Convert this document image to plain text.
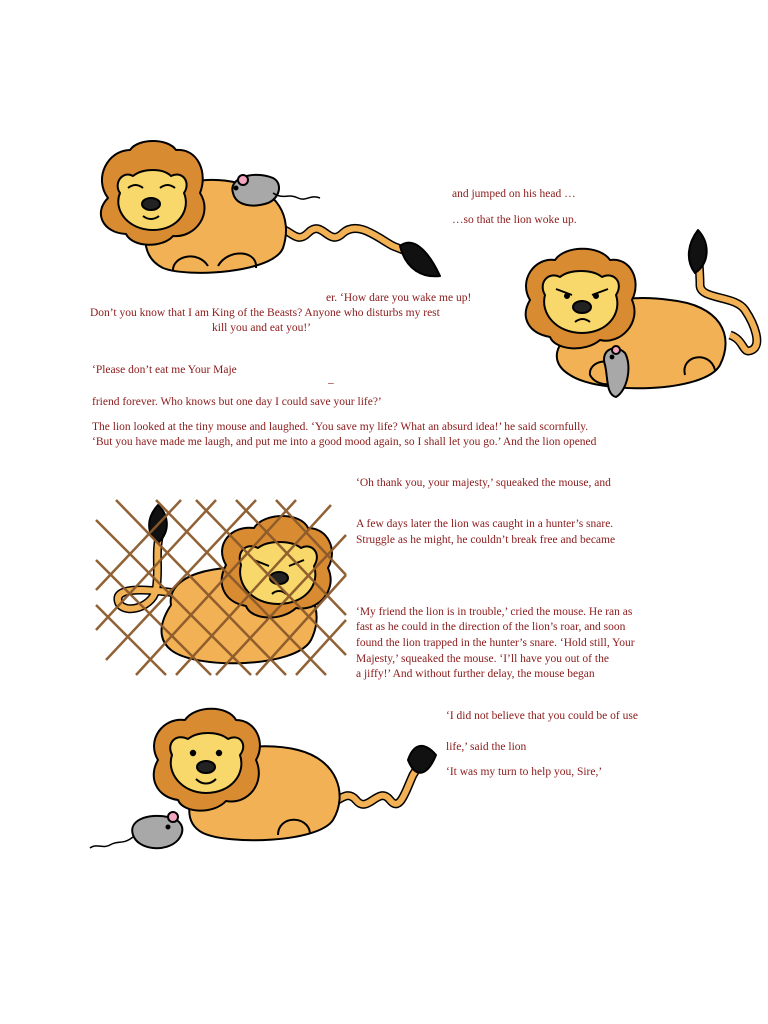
and jumped on his head …

…so that the lion woke up.

er. ‘How dare you wake me up!

Don’t you know that I am King of the Beasts? Anyone who disturbs my rest

kill you and eat you!’

‘Please don’t eat me Your Maje

–

friend forever. Who knows but one day I could save your life?’

The lion looked at the tiny mouse and laughed. ‘You save my life? What an absurd idea!’ he said scornfully.

‘But you have made me laugh, and put me into a good mood again, so I shall let you go.’ And the lion opened

‘Oh thank you, your majesty,’ squeaked the mouse, and

A few days later the lion was caught in a hunter’s snare.

Struggle as he might, he couldn’t break free and became

‘My friend the lion is in trouble,’ cried the mouse. He ran as

fast as he could in the direction of the lion’s roar, and soon

found the lion trapped in the hunter’s snare. ‘Hold still, Your

Majesty,’ squeaked the mouse. ‘I’ll have you out of the

a jiffy!’ And without further delay, the mouse began

‘I did not believe that you could be of use

life,’ said the lion

‘It was my turn to help you, Sire,’
